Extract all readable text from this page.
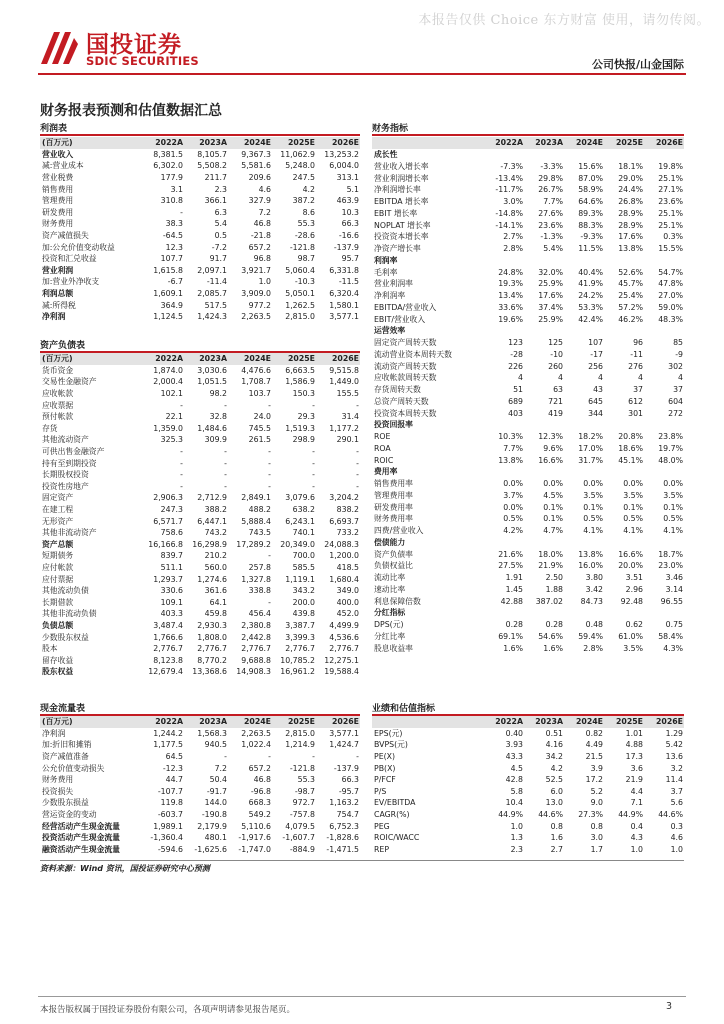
本报告仅供 Choice 东方财富 使用，请勿传阅。
国投证券
SDIC SECURITIES	公司快报/山金国际
财务报表预测和估值数据汇总
利润表
(百万元)	2022A	2023A	2024E	2025E	2026E
营业收入	8,381.5	8,105.7	9,367.3	11,062.9	13,253.2
减:营业成本	6,302.0	5,508.2	5,581.6	5,248.0	6,004.0
营业税费	177.9	211.7	209.6	247.5	313.1
销售费用	3.1	2.3	4.6	4.2	5.1
管理费用	310.8	366.1	327.9	387.2	463.9
研发费用	-	6.3	7.2	8.6	10.3
财务费用	38.3	5.4	46.8	55.3	66.3
资产减值损失	-64.5	0.5	-21.8	-28.6	-16.6
加:公允价值变动收益	12.3	-7.2	657.2	-121.8	-137.9
投资和汇兑收益	107.7	91.7	96.8	98.7	95.7
营业利润	1,615.8	2,097.1	3,921.7	5,060.4	6,331.8
加:营业外净收支	-6.7	-11.4	1.0	-10.3	-11.5
利润总额	1,609.1	2,085.7	3,909.0	5,050.1	6,320.4
减:所得税	364.9	517.5	977.2	1,262.5	1,580.1
净利润	1,124.5	1,424.3	2,263.5	2,815.0	3,577.1
资产负债表
(百万元)	2022A	2023A	2024E	2025E	2026E
货币资金	1,874.0	3,030.6	4,476.6	6,663.5	9,515.8
交易性金融资产	2,000.4	1,051.5	1,708.7	1,586.9	1,449.0
应收帐款	102.1	98.2	103.7	150.3	155.5
应收票据	-	-	-	-	-
预付帐款	22.1	32.8	24.0	29.3	31.4
存货	1,359.0	1,484.6	745.5	1,519.3	1,177.2
其他流动资产	325.3	309.9	261.5	298.9	290.1
可供出售金融资产	-	-	-	-	-
持有至到期投资	-	-	-	-	-
长期股权投资	-	-	-	-	-
投资性房地产	-	-	-	-	-
固定资产	2,906.3	2,712.9	2,849.1	3,079.6	3,204.2
在建工程	247.3	388.2	488.2	638.2	838.2
无形资产	6,571.7	6,447.1	5,888.4	6,243.1	6,693.7
其他非流动资产	758.6	743.2	743.5	740.1	733.2
资产总额	16,166.8	16,298.9	17,289.2	20,349.0	24,088.3
短期债务	839.7	210.2	-	700.0	1,200.0
应付帐款	511.1	560.0	257.8	585.5	418.5
应付票据	1,293.7	1,274.6	1,327.8	1,119.1	1,680.4
其他流动负债	330.6	361.6	338.8	343.2	349.0
长期借款	109.1	64.1	-	200.0	400.0
其他非流动负债	403.3	459.8	456.4	439.8	452.0
负债总额	3,487.4	2,930.3	2,380.8	3,387.7	4,499.9
少数股东权益	1,766.6	1,808.0	2,442.8	3,399.3	4,536.6
股本	2,776.7	2,776.7	2,776.7	2,776.7	2,776.7
留存收益	8,123.8	8,770.2	9,688.8	10,785.2	12,275.1
股东权益	12,679.4	13,368.6	14,908.3	16,961.2	19,588.4
现金流量表
(百万元)	2022A	2023A	2024E	2025E	2026E
净利润	1,244.2	1,568.3	2,263.5	2,815.0	3,577.1
加:折旧和摊销	1,177.5	940.5	1,022.4	1,214.9	1,424.7
资产减值准备	64.5	-	-	-	-
公允价值变动损失	-12.3	7.2	657.2	-121.8	-137.9
财务费用	44.7	50.4	46.8	55.3	66.3
投资损失	-107.7	-91.7	-96.8	-98.7	-95.7
少数股东损益	119.8	144.0	668.3	972.7	1,163.2
营运资金的变动	-603.7	-190.8	549.2	-757.8	754.7
经营活动产生现金流量	1,989.1	2,179.9	5,110.6	4,079.5	6,752.3
投资活动产生现金流量	-1,360.4	480.1	-1,917.6	-1,607.7	-1,828.6
融资活动产生现金流量	-594.6	-1,625.6	-1,747.0	-884.9	-1,471.5
财务指标
	2022A	2023A	2024E	2025E	2026E
成长性					
营业收入增长率	-7.3%	-3.3%	15.6%	18.1%	19.8%
营业利润增长率	-13.4%	29.8%	87.0%	29.0%	25.1%
净利润增长率	-11.7%	26.7%	58.9%	24.4%	27.1%
EBITDA 增长率	3.0%	7.7%	64.6%	26.8%	23.6%
EBIT 增长率	-14.8%	27.6%	89.3%	28.9%	25.1%
NOPLAT 增长率	-14.1%	23.6%	88.3%	28.9%	25.1%
投资资本增长率	2.7%	-1.3%	-9.3%	17.6%	0.3%
净资产增长率	2.8%	5.4%	11.5%	13.8%	15.5%
利润率					
毛利率	24.8%	32.0%	40.4%	52.6%	54.7%
营业利润率	19.3%	25.9%	41.9%	45.7%	47.8%
净利润率	13.4%	17.6%	24.2%	25.4%	27.0%
EBITDA/营业收入	33.6%	37.4%	53.3%	57.2%	59.0%
EBIT/营业收入	19.6%	25.9%	42.4%	46.2%	48.3%
运营效率					
固定资产周转天数	123	125	107	96	85
流动营业资本周转天数	-28	-10	-17	-11	-9
流动资产周转天数	226	260	256	276	302
应收帐款周转天数	4	4	4	4	4
存货周转天数	51	63	43	37	37
总资产周转天数	689	721	645	612	604
投资资本周转天数	403	419	344	301	272
投资回报率					
ROE	10.3%	12.3%	18.2%	20.8%	23.8%
ROA	7.7%	9.6%	17.0%	18.6%	19.7%
ROIC	13.8%	16.6%	31.7%	45.1%	48.0%
费用率					
销售费用率	0.0%	0.0%	0.0%	0.0%	0.0%
管理费用率	3.7%	4.5%	3.5%	3.5%	3.5%
研发费用率	0.0%	0.1%	0.1%	0.1%	0.1%
财务费用率	0.5%	0.1%	0.5%	0.5%	0.5%
四费/营业收入	4.2%	4.7%	4.1%	4.1%	4.1%
偿债能力					
资产负债率	21.6%	18.0%	13.8%	16.6%	18.7%
负债权益比	27.5%	21.9%	16.0%	20.0%	23.0%
流动比率	1.91	2.50	3.80	3.51	3.46
速动比率	1.45	1.88	3.42	2.96	3.14
利息保障倍数	42.88	387.02	84.73	92.48	96.55
分红指标					
DPS(元)	0.28	0.28	0.48	0.62	0.75
分红比率	69.1%	54.6%	59.4%	61.0%	58.4%
股息收益率	1.6%	1.6%	2.8%	3.5%	4.3%
业绩和估值指标
	2022A	2023A	2024E	2025E	2026E
EPS(元)	0.40	0.51	0.82	1.01	1.29
BVPS(元)	3.93	4.16	4.49	4.88	5.42
PE(X)	43.3	34.2	21.5	17.3	13.6
PB(X)	4.5	4.2	3.9	3.6	3.2
P/FCF	42.8	52.5	17.2	21.9	11.4
P/S	5.8	6.0	5.2	4.4	3.7
EV/EBITDA	10.4	13.0	9.0	7.1	5.6
CAGR(%)	44.9%	44.6%	27.3%	44.9%	44.6%
PEG	1.0	0.8	0.8	0.4	0.3
ROIC/WACC	1.3	1.6	3.0	4.3	4.6
REP	2.3	2.7	1.7	1.0	1.0
资料来源：Wind 资讯，国投证券研究中心预测
本报告版权属于国投证券股份有限公司，各项声明请参见报告尾页。	3
